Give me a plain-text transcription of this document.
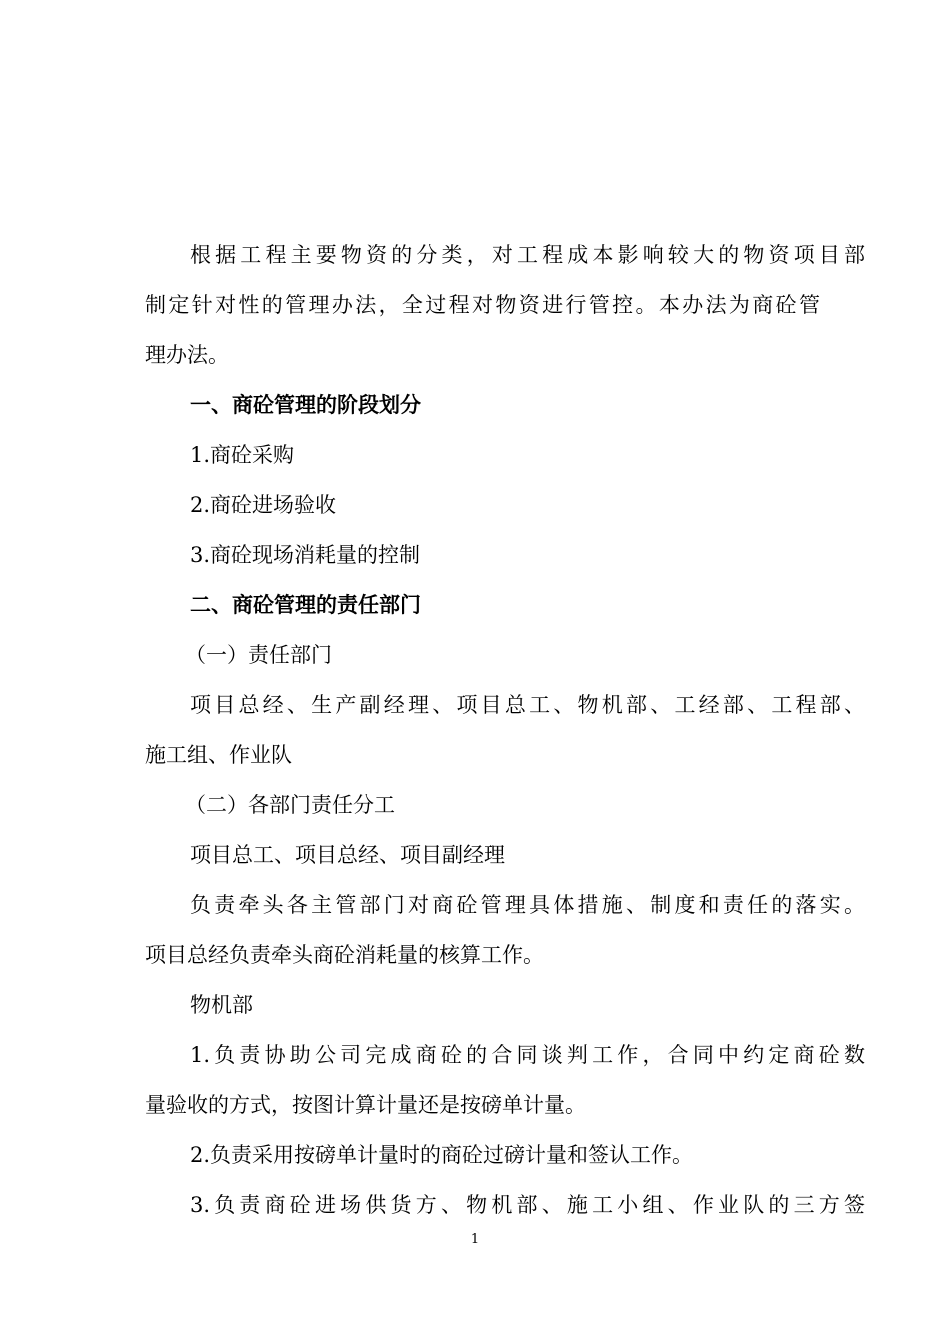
根据工程主要物资的分类，对工程成本影响较大的物资项目部
制定针对性的管理办法，全过程对物资进行管控。本办法为商砼管
理办法。
一、商砼管理的阶段划分
1.商砼采购
2.商砼进场验收
3.商砼现场消耗量的控制
二、商砼管理的责任部门
（一）责任部门
项目总经、生产副经理、项目总工、物机部、工经部、工程部、
施工组、作业队
（二）各部门责任分工
项目总工、项目总经、项目副经理
负责牵头各主管部门对商砼管理具体措施、制度和责任的落实。
项目总经负责牵头商砼消耗量的核算工作。
物机部
1.负责协助公司完成商砼的合同谈判工作，合同中约定商砼数
量验收的方式，按图计算计量还是按磅单计量。
2.负责采用按磅单计量时的商砼过磅计量和签认工作。
3.负责商砼进场供货方、物机部、施工小组、作业队的三方签
1
